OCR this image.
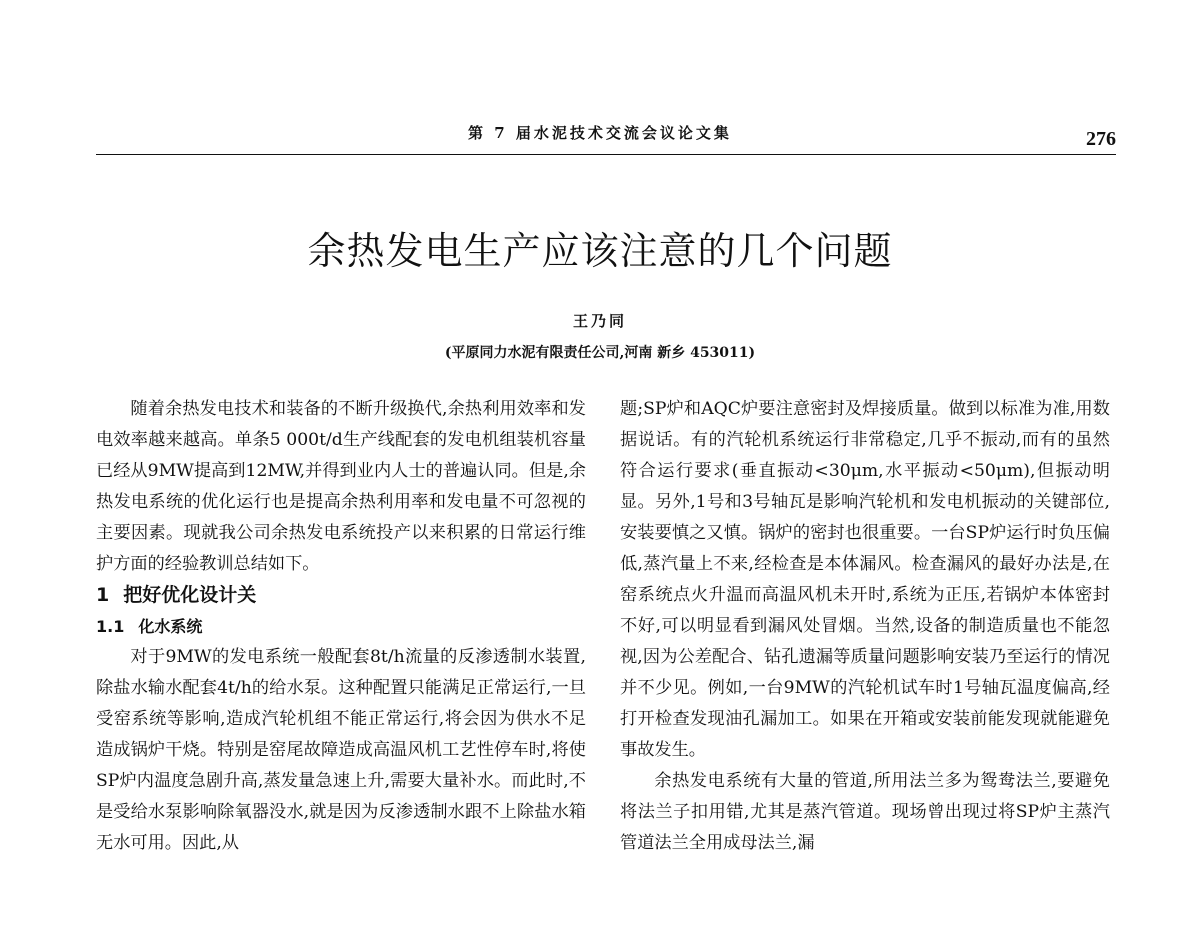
第 7 届水泥技术交流会议论文集	276
余热发电生产应该注意的几个问题
王乃同
(平原同力水泥有限责任公司,河南 新乡 453011)

随着余热发电技术和装备的不断升级换代,余热利用效率和发电效率越来越高。单条5 000t/d生产线配套的发电机组装机容量已经从9MW提高到12MW,并得到业内人士的普遍认同。但是,余热发电系统的优化运行也是提高余热利用率和发电量不可忽视的主要因素。现就我公司余热发电系统投产以来积累的日常运行维护方面的经验教训总结如下。

1 把好优化设计关
1.1 化水系统

对于9MW的发电系统一般配套8t/h流量的反渗透制水装置,除盐水输水配套4t/h的给水泵。这种配置只能满足正常运行,一旦受窑系统等影响,造成汽轮机组不能正常运行,将会因为供水不足造成锅炉干烧。特别是窑尾故障造成高温风机工艺性停车时,将使SP炉内温度急剧升高,蒸发量急速上升,需要大量补水。而此时,不是受给水泵影响除氧器没水,就是因为反渗透制水跟不上除盐水箱无水可用。因此,从

题;SP炉和AQC炉要注意密封及焊接质量。做到以标准为准,用数据说话。有的汽轮机系统运行非常稳定,几乎不振动,而有的虽然符合运行要求(垂直振动<30μm,水平振动<50μm),但振动明显。另外,1号和3号轴瓦是影响汽轮机和发电机振动的关键部位,安装要慎之又慎。锅炉的密封也很重要。一台SP炉运行时负压偏低,蒸汽量上不来,经检查是本体漏风。检查漏风的最好办法是,在窑系统点火升温而高温风机未开时,系统为正压,若锅炉本体密封不好,可以明显看到漏风处冒烟。当然,设备的制造质量也不能忽视,因为公差配合、钻孔遗漏等质量问题影响安装乃至运行的情况并不少见。例如,一台9MW的汽轮机试车时1号轴瓦温度偏高,经打开检查发现油孔漏加工。如果在开箱或安装前能发现就能避免事故发生。

余热发电系统有大量的管道,所用法兰多为鸳鸯法兰,要避免将法兰子扣用错,尤其是蒸汽管道。现场曾出现过将SP炉主蒸汽管道法兰全用成母法兰,漏
